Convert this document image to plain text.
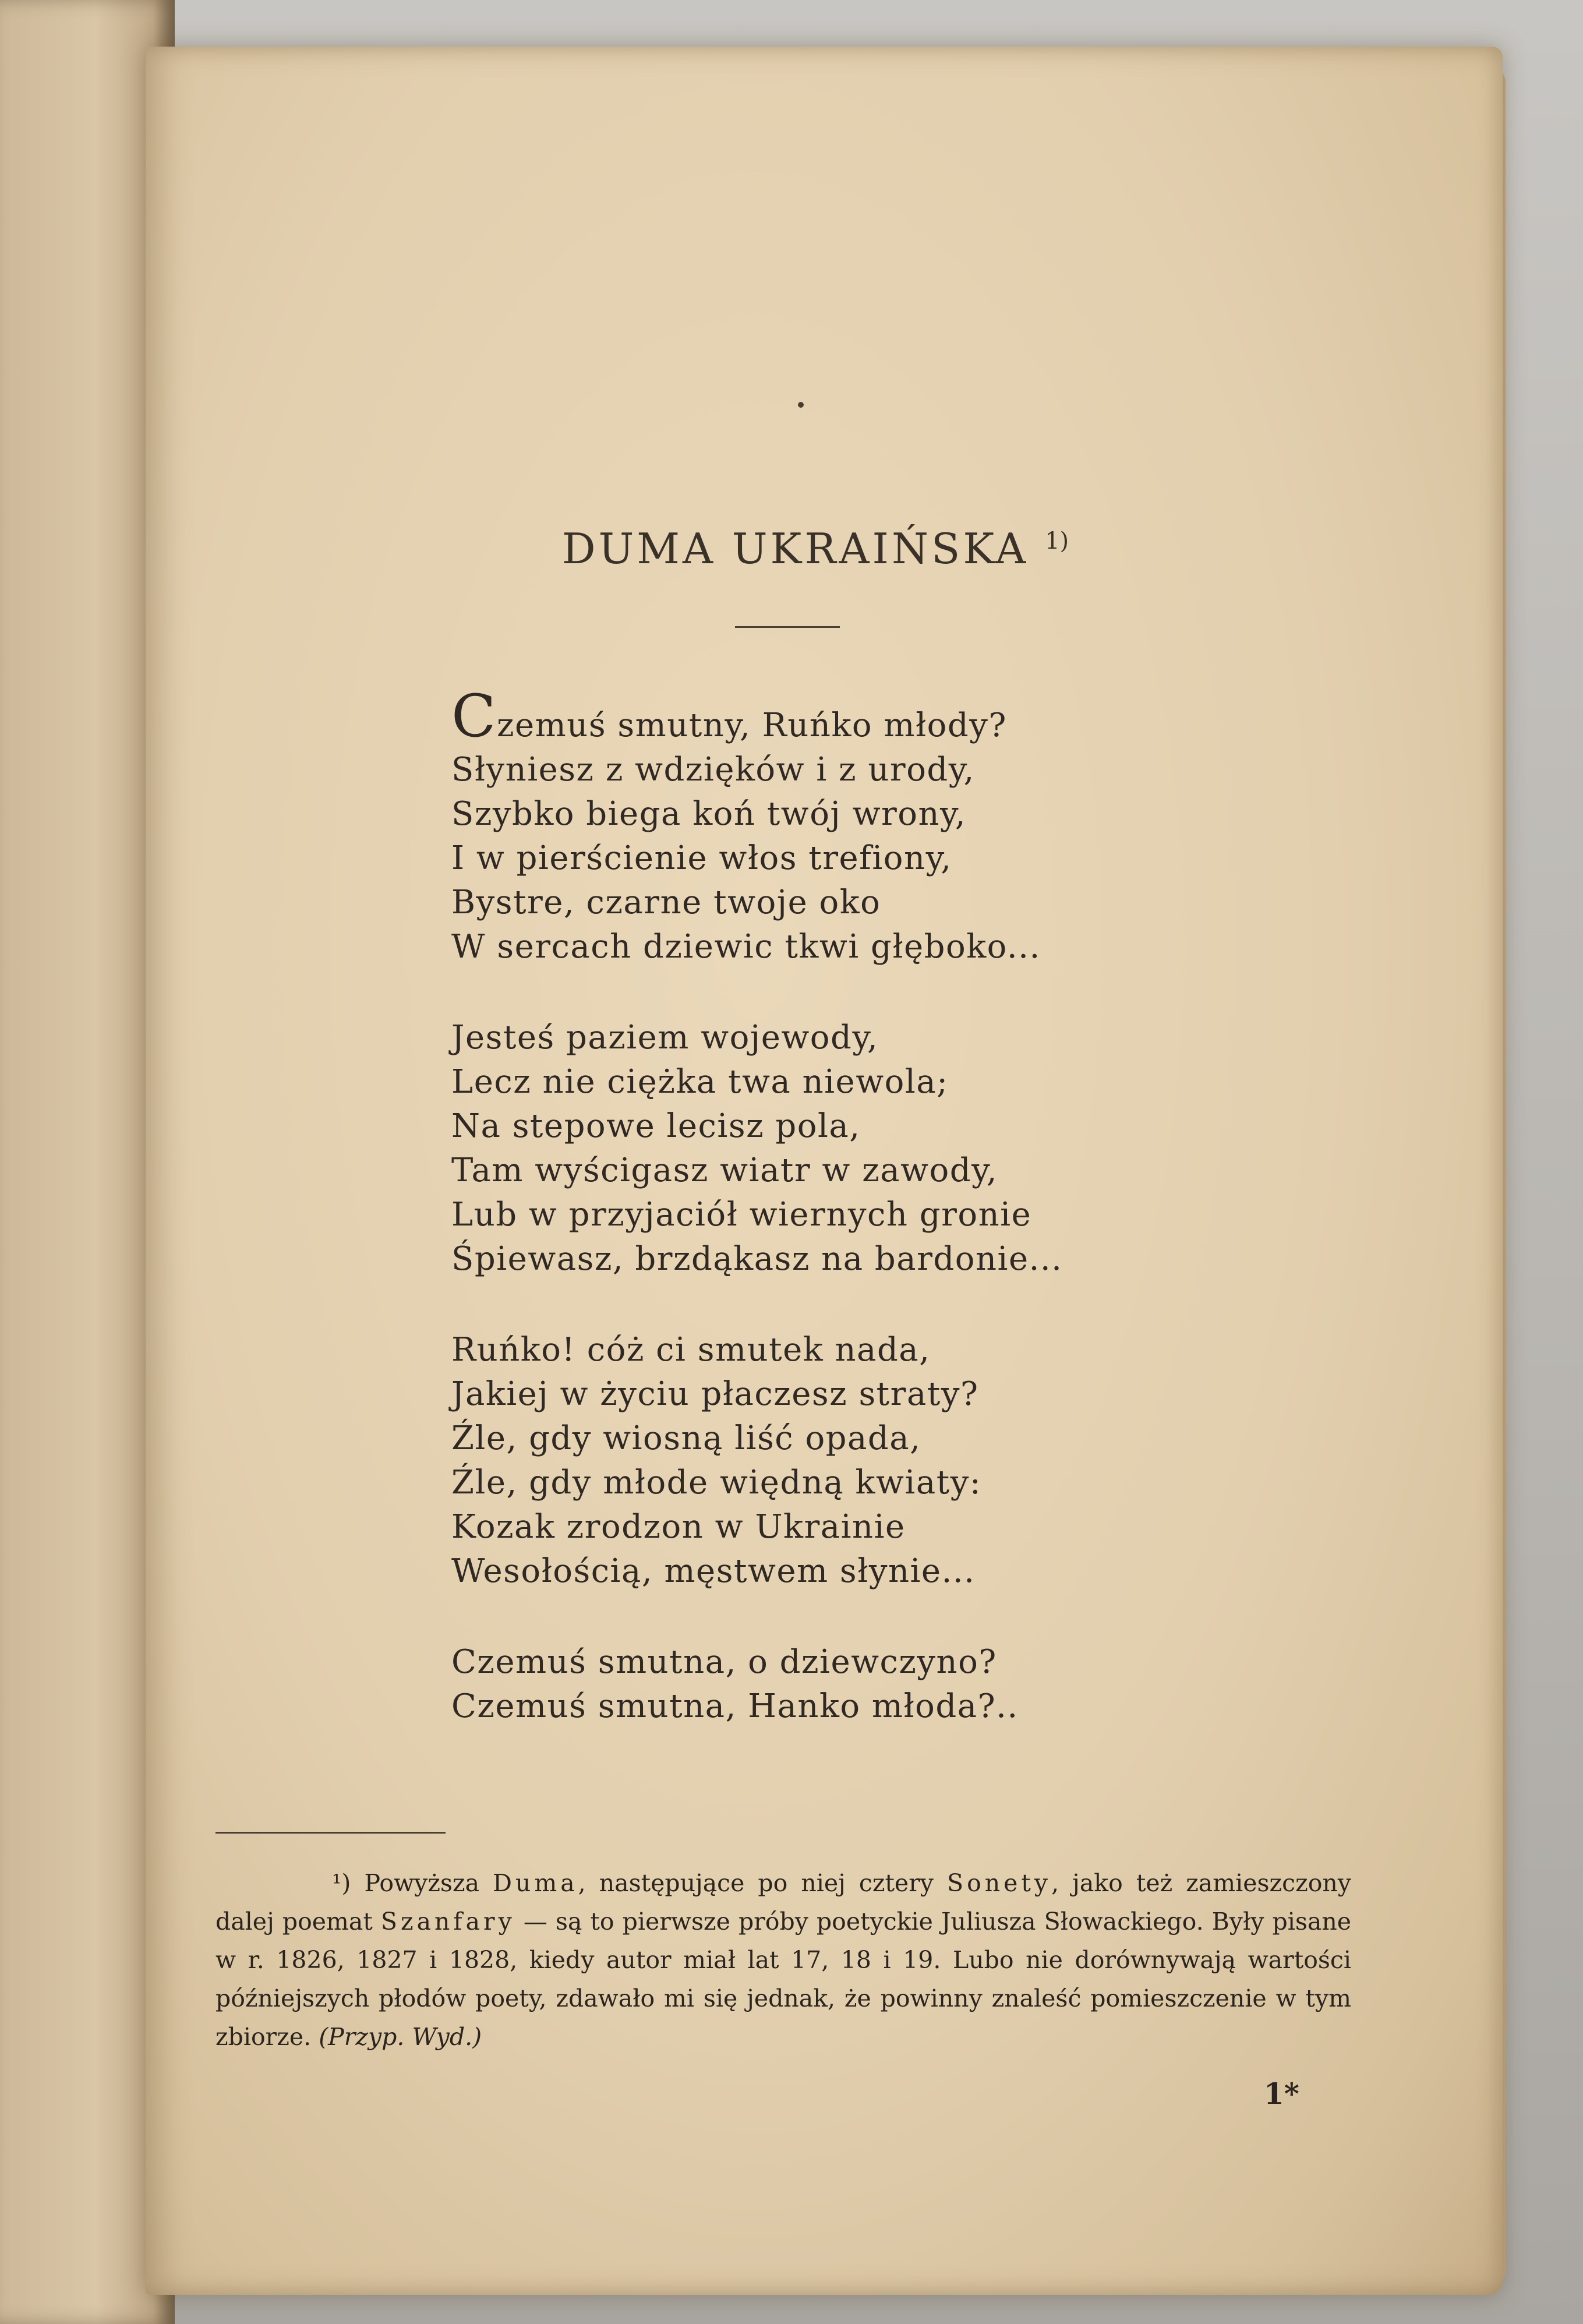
DUMA UKRAIŃSKA $^{1)}$
Czemuś smutny, Ruńko młody?
Słyniesz z wdzięków i z urody,
Szybko biega koń twój wrony,
I w pierścienie włos trefiony,
Bystre, czarne twoje oko
W sercach dziewic tkwi głęboko...
Jesteś paziem wojewody,
Lecz nie ciężka twa niewola;
Na stepowe lecisz pola,
Tam wyścigasz wiatr w zawody,
Lub w przyjaciół wiernych gronie
Śpiewasz, brzdąkasz na bardonie...
Ruńko! cóż ci smutek nada,
Jakiej w życiu płaczesz straty?
Źle, gdy wiosną liść opada,
Źle, gdy młode więdną kwiaty:
Kozak zrodzon w Ukrainie
Wesołością, męstwem słynie...
Czemuś smutna, o dziewczyno?
Czemuś smutna, Hanko młoda?..
¹) Powyższa Duma, następujące po niej cztery Sonety, jako też zamieszczony dalej poemat Szanfary — są to pierwsze próby poetyckie Juliusza Słowackiego. Były pisane w r. 1826, 1827 i 1828, kiedy autor miał lat 17, 18 i 19. Lubo nie dorównywają wartości późniejszych płodów poety, zdawało mi się jednak, że powinny znaleść pomieszczenie w tym zbiorze. (Przyp. Wyd.)
1*
